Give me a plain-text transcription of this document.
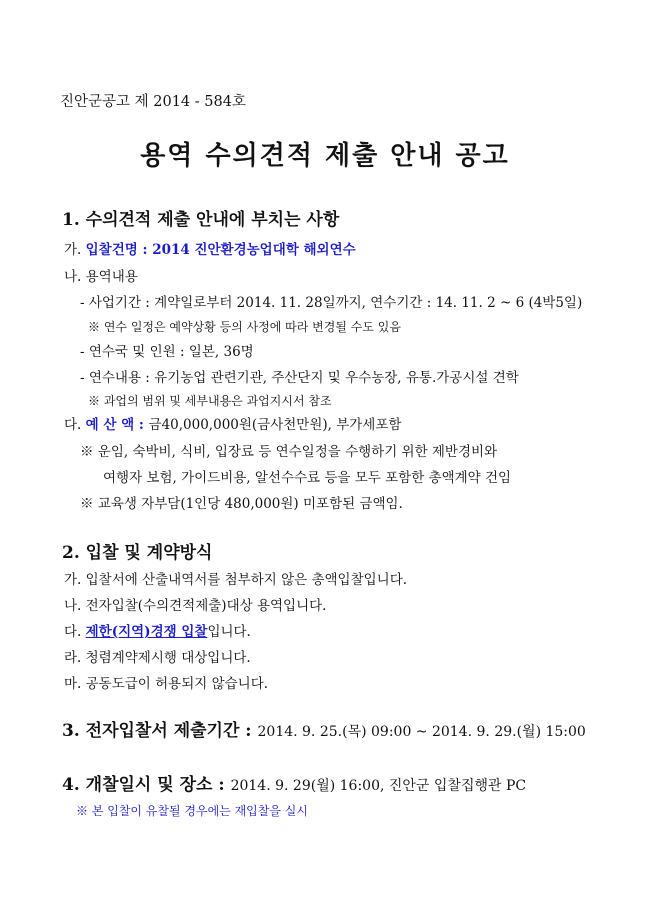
진안군공고 제 2014 - 584호
용역 수의견적 제출 안내 공고
1. 수의견적 제출 안내에 부치는 사항
가. 입찰건명 : 2014 진안환경농업대학 해외연수
나. 용역내용
- 사업기간 : 계약일로부터 2014. 11. 28일까지, 연수기간 : 14. 11. 2 ~ 6 (4박5일)
※ 연수 일정은 예약상황 등의 사정에 따라 변경될 수도 있음
- 연수국 및 인원 : 일본, 36명
- 연수내용 : 유기농업 관련기관, 주산단지 및 우수농장, 유통.가공시설 견학
※ 과업의 범위 및 세부내용은 과업지시서 참조
다. 예 산 액 : 금40,000,000원(금사천만원), 부가세포함
※ 운임, 숙박비, 식비, 입장료 등 연수일정을 수행하기 위한 제반경비와
여행자 보험, 가이드비용, 알선수수료 등을 모두 포함한 총액계약 건임
※ 교육생 자부담(1인당 480,000원) 미포함된 금액임.
2. 입찰 및 계약방식
가. 입찰서에 산출내역서를 첨부하지 않은 총액입찰입니다.
나. 전자입찰(수의견적제출)대상 용역입니다.
다. 제한(지역)경쟁 입찰입니다.
라. 청렴계약제시행 대상입니다.
마. 공동도급이 허용되지 않습니다.
3. 전자입찰서 제출기간 : 2014. 9. 25.(목) 09:00 ~ 2014. 9. 29.(월) 15:00
4. 개찰일시 및 장소 : 2014. 9. 29(월) 16:00, 진안군 입찰집행관 PC
※ 본 입찰이 유찰될 경우에는 재입찰을 실시
